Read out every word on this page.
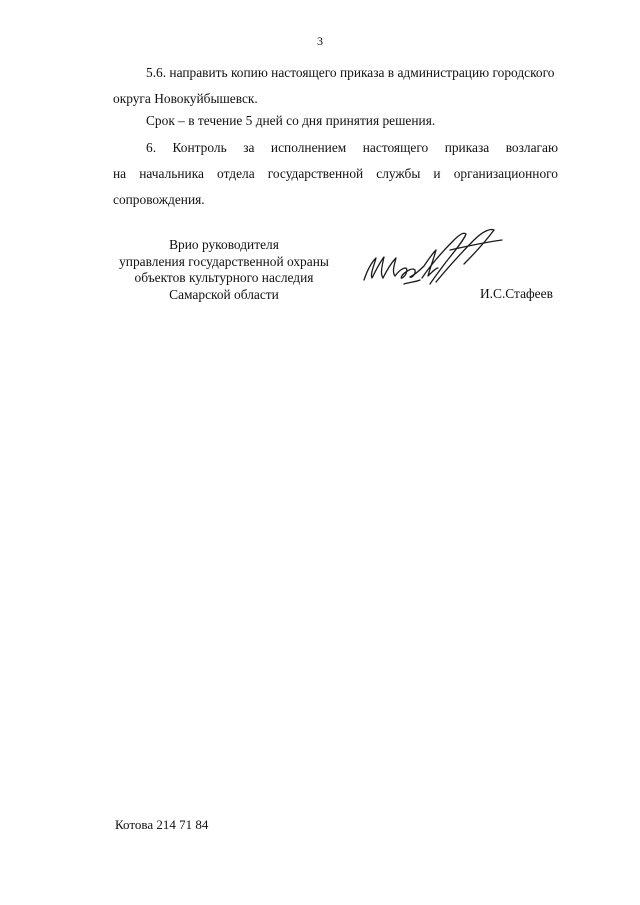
3

5.6. направить копию настоящего приказа в администрацию городского округа Новокуйбышевск.

Срок – в течение 5 дней со дня принятия решения.

6. Контроль за исполнением настоящего приказа возлагаю
на начальника отдела государственной службы и организационного
сопровождения.

Врио руководителя
управления государственной охраны
объектов культурного наследия
Самарской области	И.С.Стафеев
Котова 214 71 84
